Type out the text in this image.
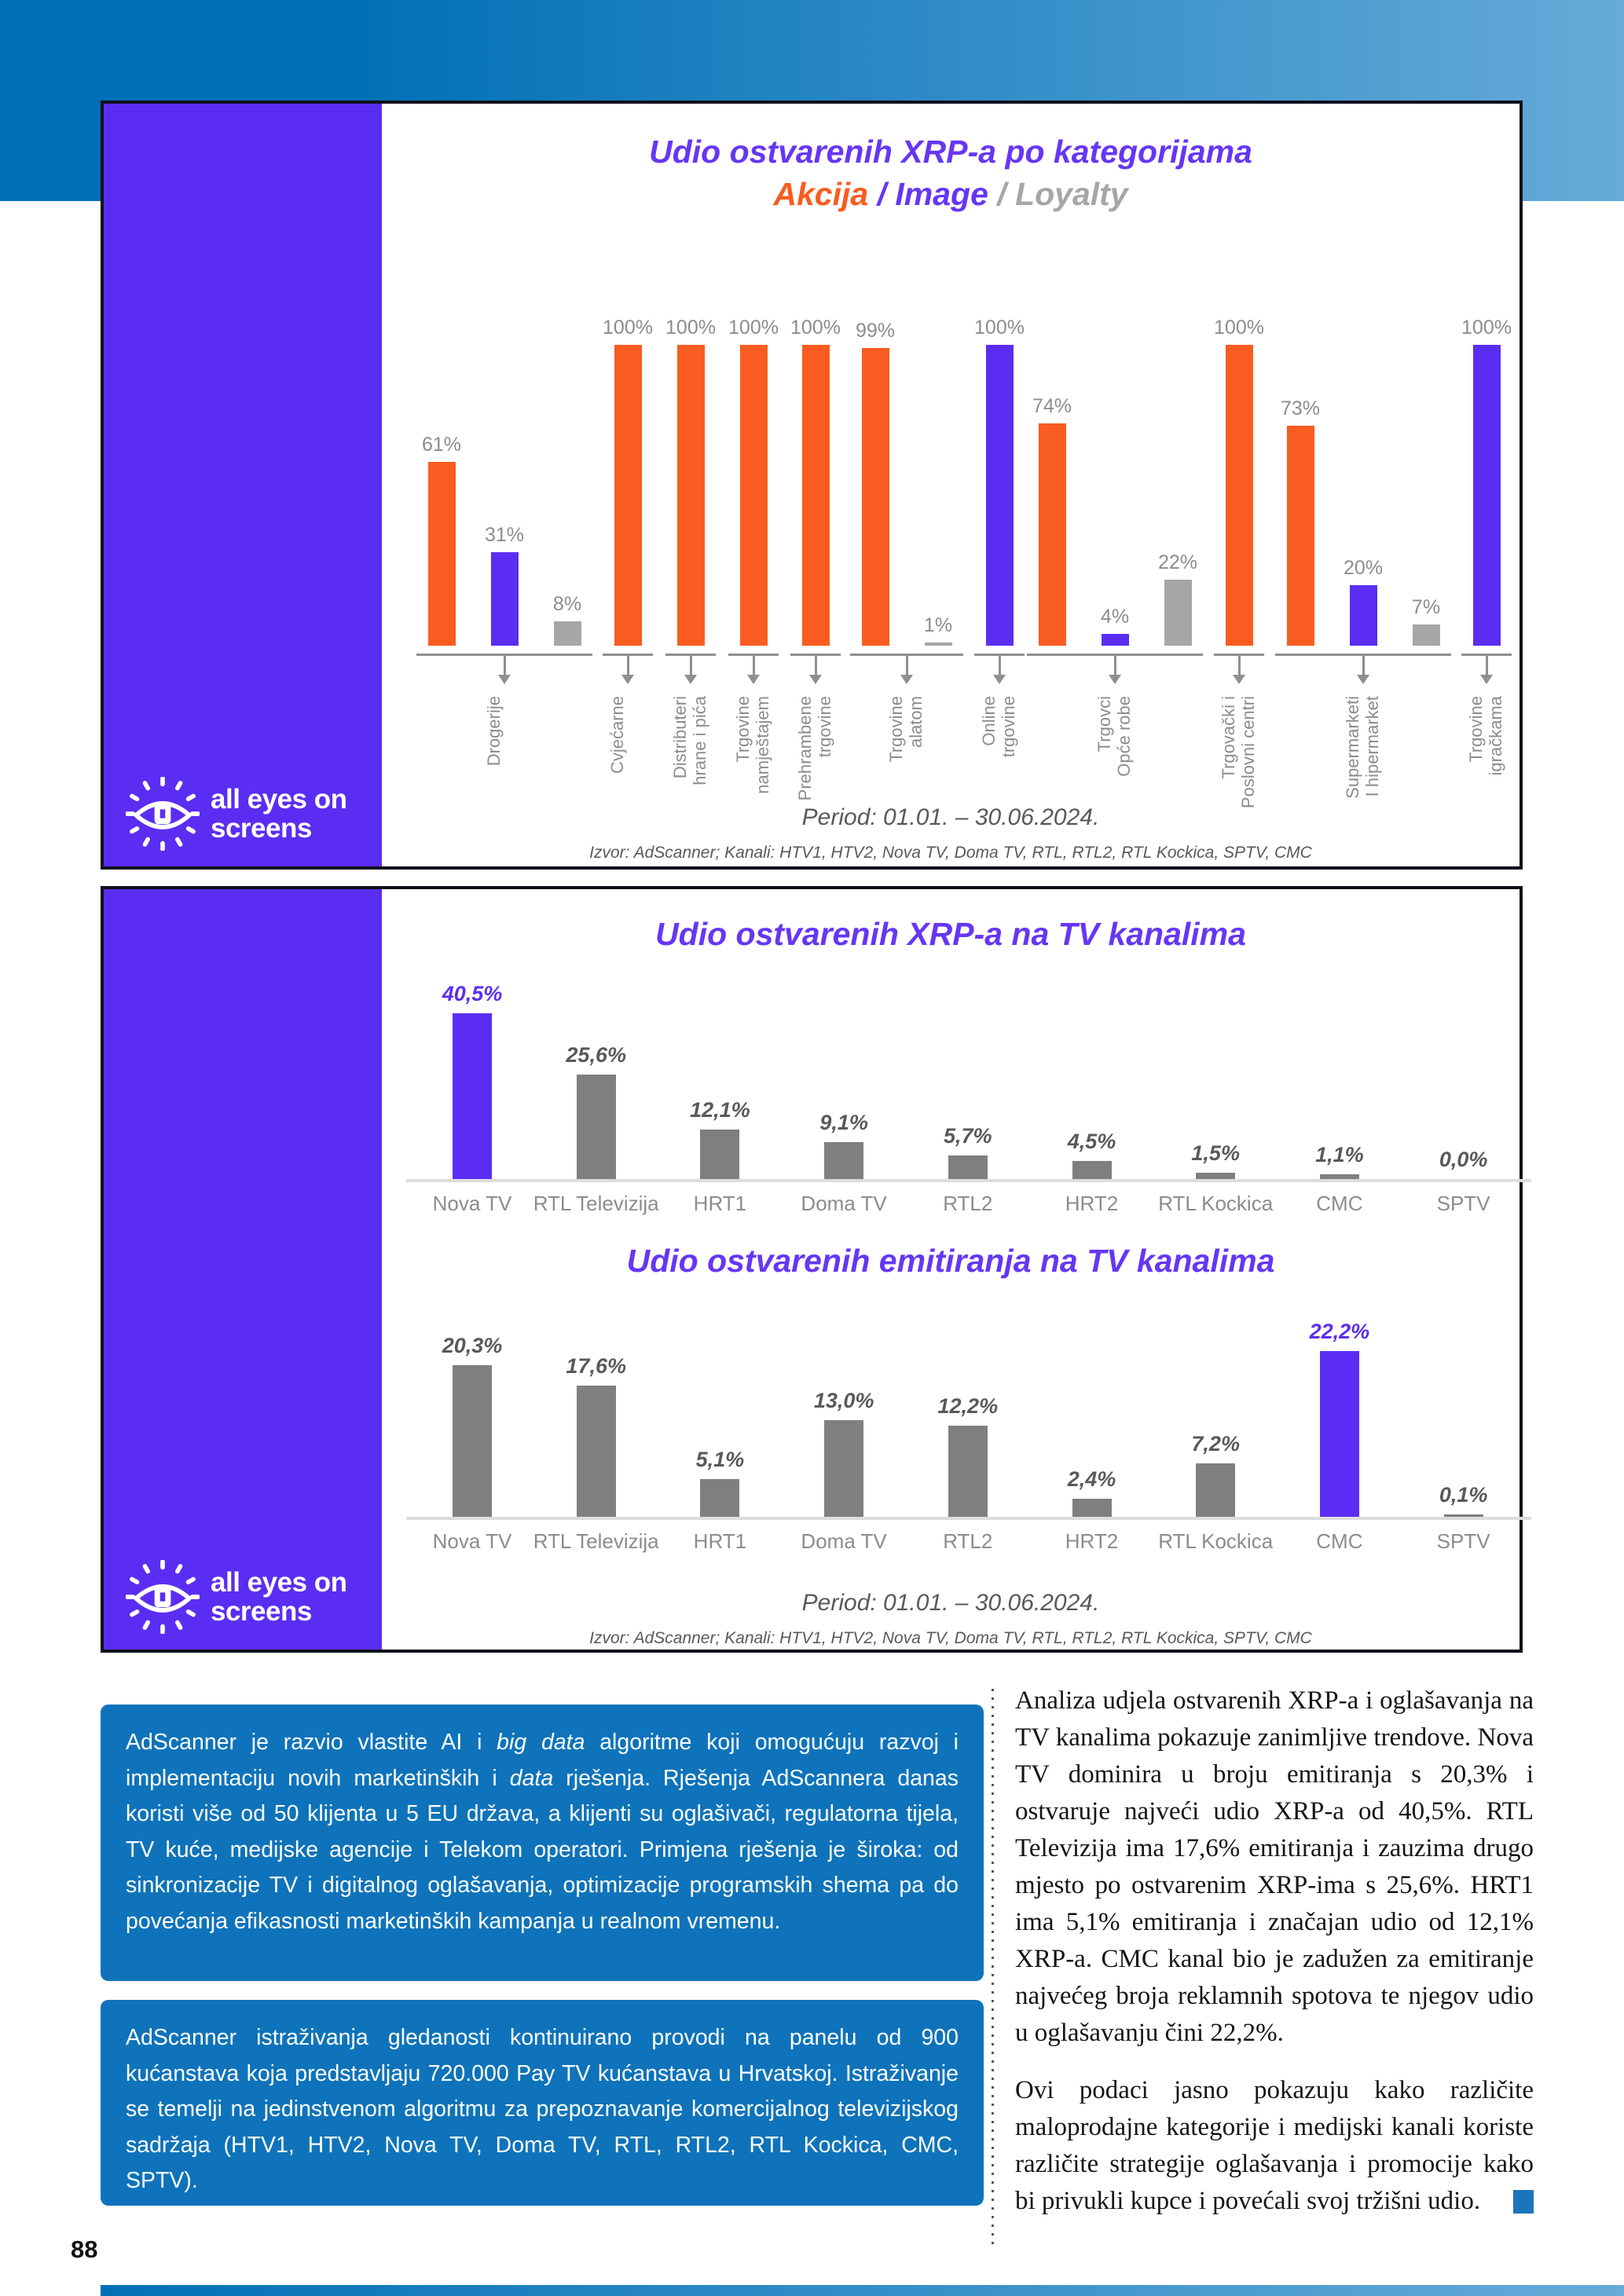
all eyes on
screens
Udio ostvarenih XRP-a po kategorijama
Akcija / Image / Loyalty
61%
31%
8%
Drogerije
100%
Cvjećarne
100%
Distributeri
hrane i pića
100%
Trgovine
namještajem
100%
Prehrambene
trgovine
99%
1%
Trgovine
alatom
100%
Online
trgovine
74%
4%
22%
Trgovci
Opće robe
100%
Trgovački i
Poslovni centri
73%
20%
7%
Supermarketi
I hipermarket
100%
Trgovine
igračkama
Period: 01.01. – 30.06.2024.
Izvor: AdScanner; Kanali: HTV1, HTV2, Nova TV, Doma TV, RTL, RTL2, RTL Kockica, SPTV, CMC
all eyes on
screens
Udio ostvarenih XRP-a na TV kanalima
40,5%
Nova TV
25,6%
RTL Televizija
12,1%
HRT1
9,1%
Doma TV
5,7%
RTL2
4,5%
HRT2
1,5%
RTL Kockica
1,1%
CMC
0,0%
SPTV
Udio ostvarenih emitiranja na TV kanalima
20,3%
Nova TV
17,6%
RTL Televizija
5,1%
HRT1
13,0%
Doma TV
12,2%
RTL2
2,4%
HRT2
7,2%
RTL Kockica
22,2%
CMC
0,1%
SPTV
Period: 01.01. – 30.06.2024.
Izvor: AdScanner; Kanali: HTV1, HTV2, Nova TV, Doma TV, RTL, RTL2, RTL Kockica, SPTV, CMC
AdScanner je razvio vlastite AI i big data algoritme koji omogućuju razvoj i implementaciju novih marketinških i data rješenja. Rješenja AdScannera danas koristi više od 50 klijenta u 5 EU država, a klijenti su oglašivači, regulatorna tijela, TV kuće, medijske agencije i Telekom operatori. Primjena rješenja je široka: od sinkronizacije TV i digitalnog oglašavanja, optimizacije programskih shema pa do povećanja efikasnosti marketinških kampanja u realnom vremenu.
AdScanner istraživanja gledanosti kontinuirano provodi na panelu od 900 kućanstava koja predstavljaju 720.000 Pay TV kućanstava u Hrvatskoj. Istraživanje se temelji na jedinstvenom algoritmu za prepoznavanje komercijalnog televizijskog sadržaja (HTV1, HTV2, Nova TV, Doma TV, RTL, RTL2, RTL Kockica, CMC, SPTV).

Analiza udjela ostvarenih XRP-a i oglašavanja na TV kanalima pokazuje zanimljive trendove. Nova TV dominira u broju emitiranja s 20,3% i ostvaruje najveći udio XRP-a od 40,5%. RTL Televizija ima 17,6% emitiranja i zauzima drugo mjesto po ostvarenim XRP-ima s 25,6%. HRT1 ima 5,1% emitiranja i značajan udio od 12,1% XRP-a. CMC kanal bio je zadužen za emitiranje najvećeg broja reklamnih spotova te njegov udio u oglašavanju čini 22,2%.

Ovi podaci jasno pokazuju kako različite maloprodajne kategorije i medijski kanali koriste različite strategije oglašavanja i promocije kako bi privukli kupce i povećali svoj tržišni udio.

88
